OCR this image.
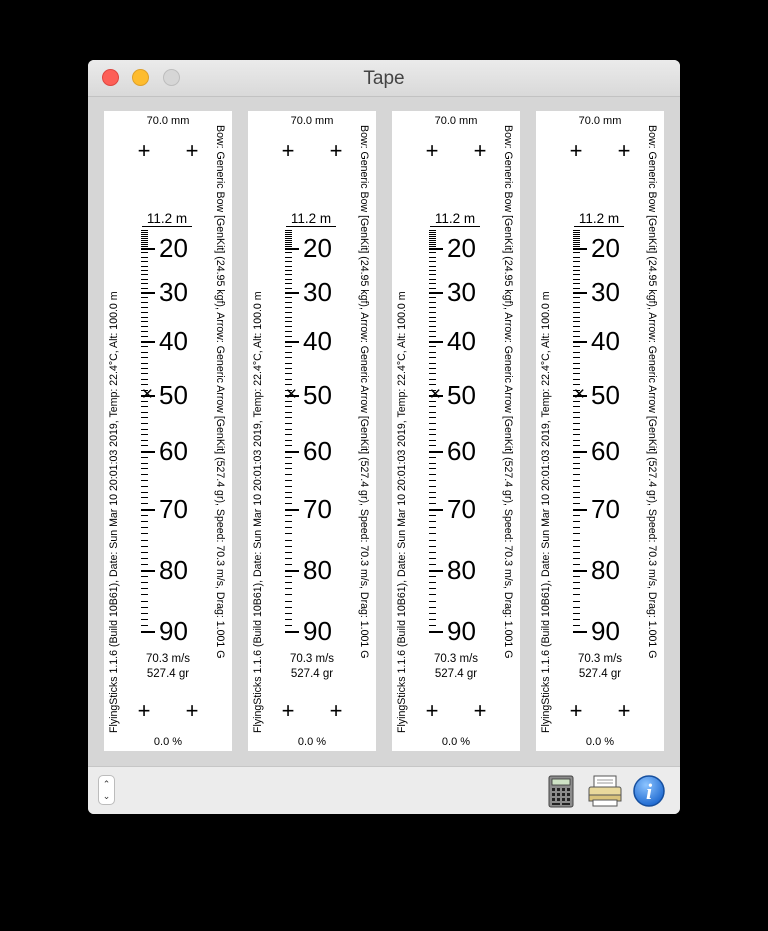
Tape
70.0 mm
+ +
11.2 m
20
30
40
50
60
70
80
90
✕
70.3 m/s
527.4 gr
+ +
0.0 %
FlyingSticks 1.1.6 (Build 10B61), Date: Sun Mar 10 20:01:03 2019, Temp: 22.4°C, Alt: 100.0 m	Bow: Generic Bow [GenKit] (24.95 kgf), Arrow: Generic Arrow [GenKit] (527.4 gr), Speed: 70.3 m/s, Drag: 1.001 G
70.0 mm
+ +
11.2 m
20
30
40
50
60
70
80
90
✕
70.3 m/s
527.4 gr
+ +
0.0 %
FlyingSticks 1.1.6 (Build 10B61), Date: Sun Mar 10 20:01:03 2019, Temp: 22.4°C, Alt: 100.0 m	Bow: Generic Bow [GenKit] (24.95 kgf), Arrow: Generic Arrow [GenKit] (527.4 gr), Speed: 70.3 m/s, Drag: 1.001 G
70.0 mm
+ +
11.2 m
20
30
40
50
60
70
80
90
✕
70.3 m/s
527.4 gr
+ +
0.0 %
FlyingSticks 1.1.6 (Build 10B61), Date: Sun Mar 10 20:01:03 2019, Temp: 22.4°C, Alt: 100.0 m	Bow: Generic Bow [GenKit] (24.95 kgf), Arrow: Generic Arrow [GenKit] (527.4 gr), Speed: 70.3 m/s, Drag: 1.001 G
70.0 mm
+ +
11.2 m
20
30
40
50
60
70
80
90
✕
70.3 m/s
527.4 gr
+ +
0.0 %
FlyingSticks 1.1.6 (Build 10B61), Date: Sun Mar 10 20:01:03 2019, Temp: 22.4°C, Alt: 100.0 m	Bow: Generic Bow [GenKit] (24.95 kgf), Arrow: Generic Arrow [GenKit] (527.4 gr), Speed: 70.3 m/s, Drag: 1.001 G
⌃
⌄	i
